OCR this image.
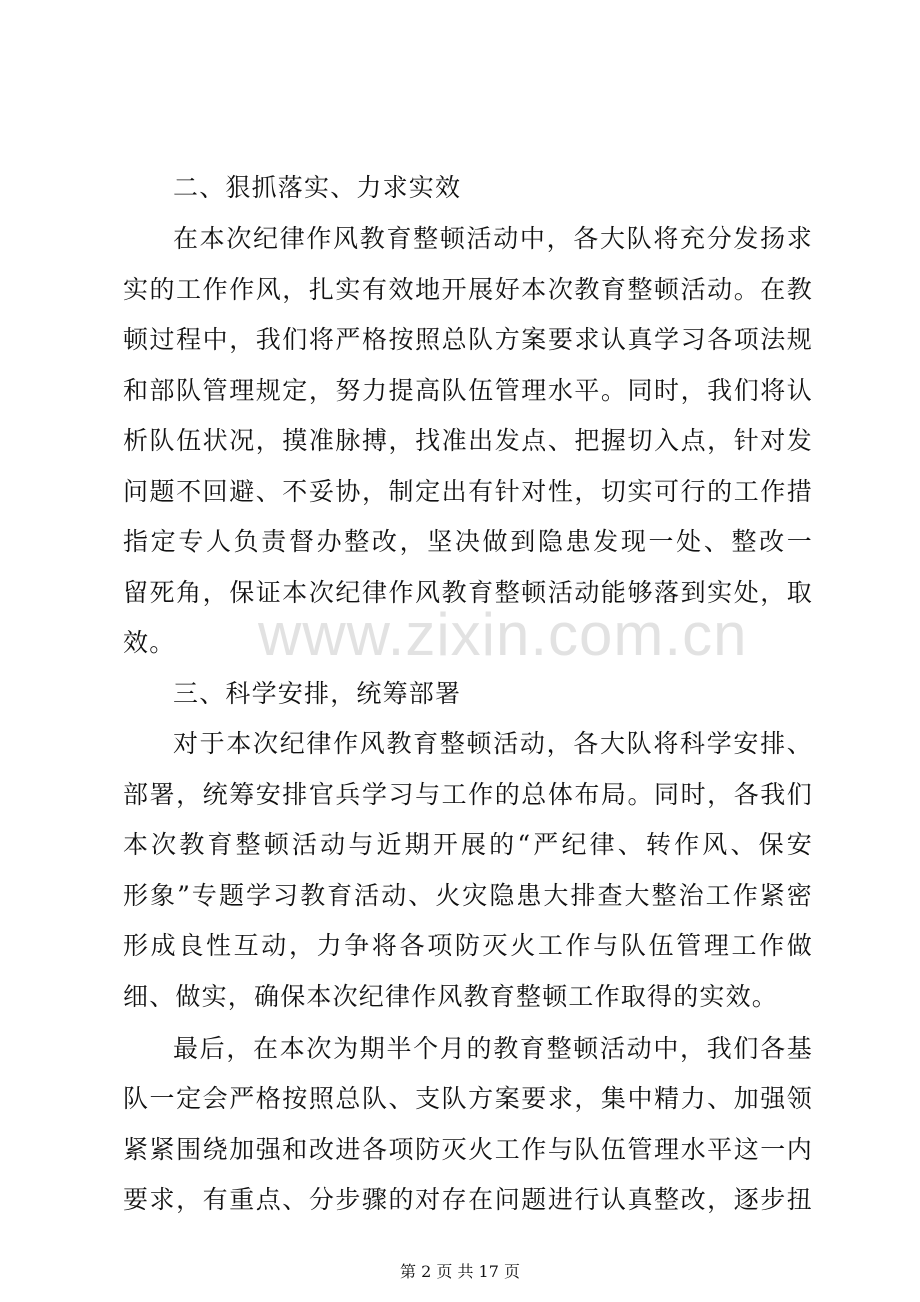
二、狠抓落实、力求实效
在本次纪律作风教育整顿活动中，各大队将充分发扬求
实的工作作风，扎实有效地开展好本次教育整顿活动。在教
顿过程中，我们将严格按照总队方案要求认真学习各项法规
和部队管理规定，努力提高队伍管理水平。同时，我们将认
析队伍状况，摸准脉搏，找准出发点、把握切入点，针对发
问题不回避、不妥协，制定出有针对性，切实可行的工作措
指定专人负责督办整改，坚决做到隐患发现一处、整改一
留死角，保证本次纪律作风教育整顿活动能够落到实处，取
效。
三、科学安排，统筹部署
对于本次纪律作风教育整顿活动，各大队将科学安排、
部署，统筹安排官兵学习与工作的总体布局。同时，各我们
本次教育整顿活动与近期开展的“严纪律、转作风、保安
形象”专题学习教育活动、火灾隐患大排查大整治工作紧密
形成良性互动，力争将各项防灭火工作与队伍管理工作做
细、做实，确保本次纪律作风教育整顿工作取得的实效。
最后，在本次为期半个月的教育整顿活动中，我们各基
队一定会严格按照总队、支队方案要求，集中精力、加强领
紧紧围绕加强和改进各项防灭火工作与队伍管理水平这一内
要求，有重点、分步骤的对存在问题进行认真整改，逐步扭
www.zixin.com.cn
第 2 页 共 17 页
